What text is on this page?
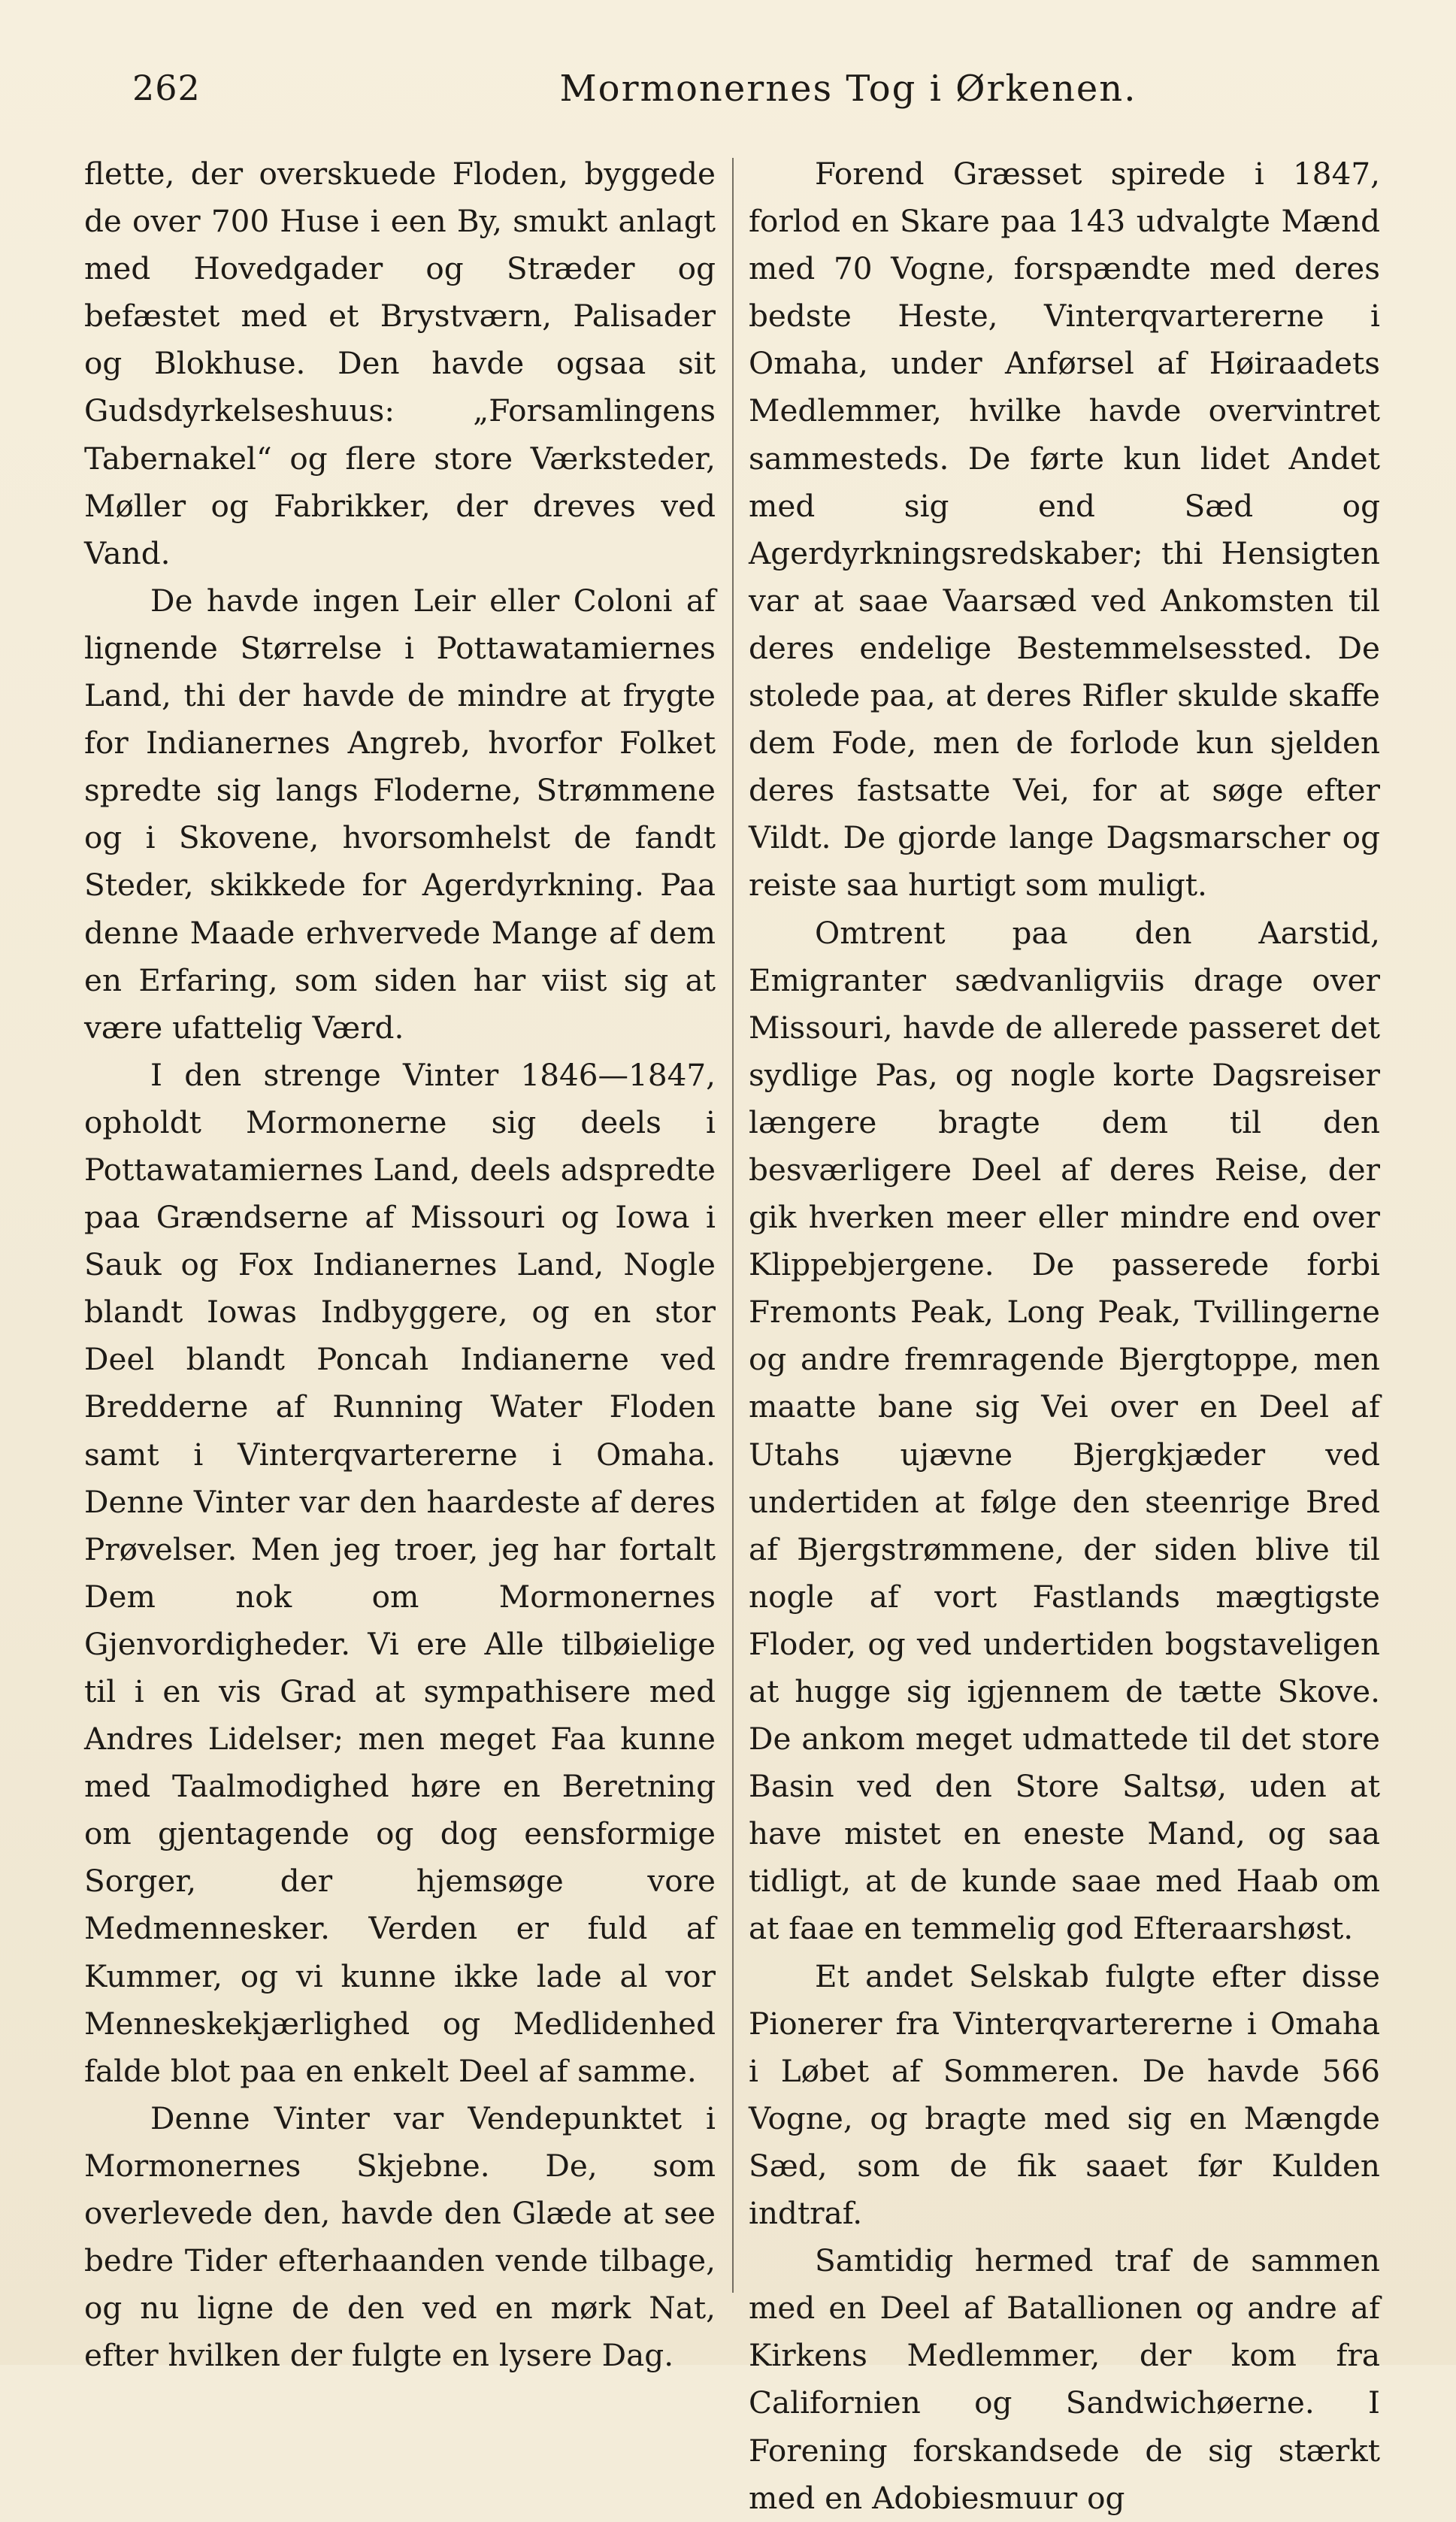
262	Mormonernes Tog i Ørkenen.

flette, der overskuede Floden, byggede de over 700 Huse i een By, smukt anlagt med Hovedgader og Stræder og befæstet med et Brystværn, Palisader og Blokhuse. Den havde ogsaa sit Gudsdyrkelseshuus: „Forsamlingens Tabernakel“ og flere store Værksteder, Møller og Fabrikker, der dreves ved Vand.

De havde ingen Leir eller Coloni af lignende Størrelse i Pottawatamiernes Land, thi der havde de mindre at frygte for Indianernes Angreb, hvorfor Folket spredte sig langs Floderne, Strømmene og i Skovene, hvorsomhelst de fandt Steder, skikkede for Agerdyrkning. Paa denne Maade erhvervede Mange af dem en Erfaring, som siden har viist sig at være ufattelig Værd.

I den strenge Vinter 1846—1847, opholdt Mormonerne sig deels i Pottawatamiernes Land, deels adspredte paa Grændserne af Missouri og Iowa i Sauk og Fox Indianernes Land, Nogle blandt Iowas Indbyggere, og en stor Deel blandt Poncah Indianerne ved Bredderne af Running Water Floden samt i Vinterqvartererne i Omaha. Denne Vinter var den haardeste af deres Prøvelser. Men jeg troer, jeg har fortalt Dem nok om Mormonernes Gjenvordigheder. Vi ere Alle tilbøielige til i en vis Grad at sympathisere med Andres Lidelser; men meget Faa kunne med Taalmodighed høre en Beretning om gjentagende og dog eensformige Sorger, der hjemsøge vore Medmennesker. Verden er fuld af Kummer, og vi kunne ikke lade al vor Menneskekjærlighed og Medlidenhed falde blot paa en enkelt Deel af samme.

Denne Vinter var Vendepunktet i Mormonernes Skjebne. De, som overlevede den, havde den Glæde at see bedre Tider efterhaanden vende tilbage, og nu ligne de den ved en mørk Nat, efter hvilken der fulgte en lysere Dag.

Forend Græsset spirede i 1847, forlod en Skare paa 143 udvalgte Mænd med 70 Vogne, forspændte med deres bedste Heste, Vinterqvartererne i Omaha, under Anførsel af Høiraadets Medlemmer, hvilke havde overvintret sammesteds. De førte kun lidet Andet med sig end Sæd og Agerdyrkningsredskaber; thi Hensigten var at saae Vaarsæd ved Ankomsten til deres endelige Bestemmelsessted. De stolede paa, at deres Rifler skulde skaffe dem Fode, men de forlode kun sjelden deres fastsatte Vei, for at søge efter Vildt. De gjorde lange Dagsmarscher og reiste saa hurtigt som muligt.

Omtrent paa den Aarstid, Emigranter sædvanligviis drage over Missouri, havde de allerede passeret det sydlige Pas, og nogle korte Dagsreiser længere bragte dem til den besværligere Deel af deres Reise, der gik hverken meer eller mindre end over Klippebjergene. De passerede forbi Fremonts Peak, Long Peak, Tvillingerne og andre fremragende Bjergtoppe, men maatte bane sig Vei over en Deel af Utahs ujævne Bjergkjæder ved undertiden at følge den steenrige Bred af Bjergstrømmene, der siden blive til nogle af vort Fastlands mægtigste Floder, og ved undertiden bogstaveligen at hugge sig igjennem de tætte Skove. De ankom meget udmattede til det store Basin ved den Store Saltsø, uden at have mistet en eneste Mand, og saa tidligt, at de kunde saae med Haab om at faae en temmelig god Efteraarshøst.

Et andet Selskab fulgte efter disse Pionerer fra Vinterqvartererne i Omaha i Løbet af Sommeren. De havde 566 Vogne, og bragte med sig en Mængde Sæd, som de fik saaet før Kulden indtraf.

Samtidig hermed traf de sammen med en Deel af Batallionen og andre af Kirkens Medlemmer, der kom fra Californien og Sandwichøerne. I Forening forskandsede de sig stærkt med en Adobiesmuur og
